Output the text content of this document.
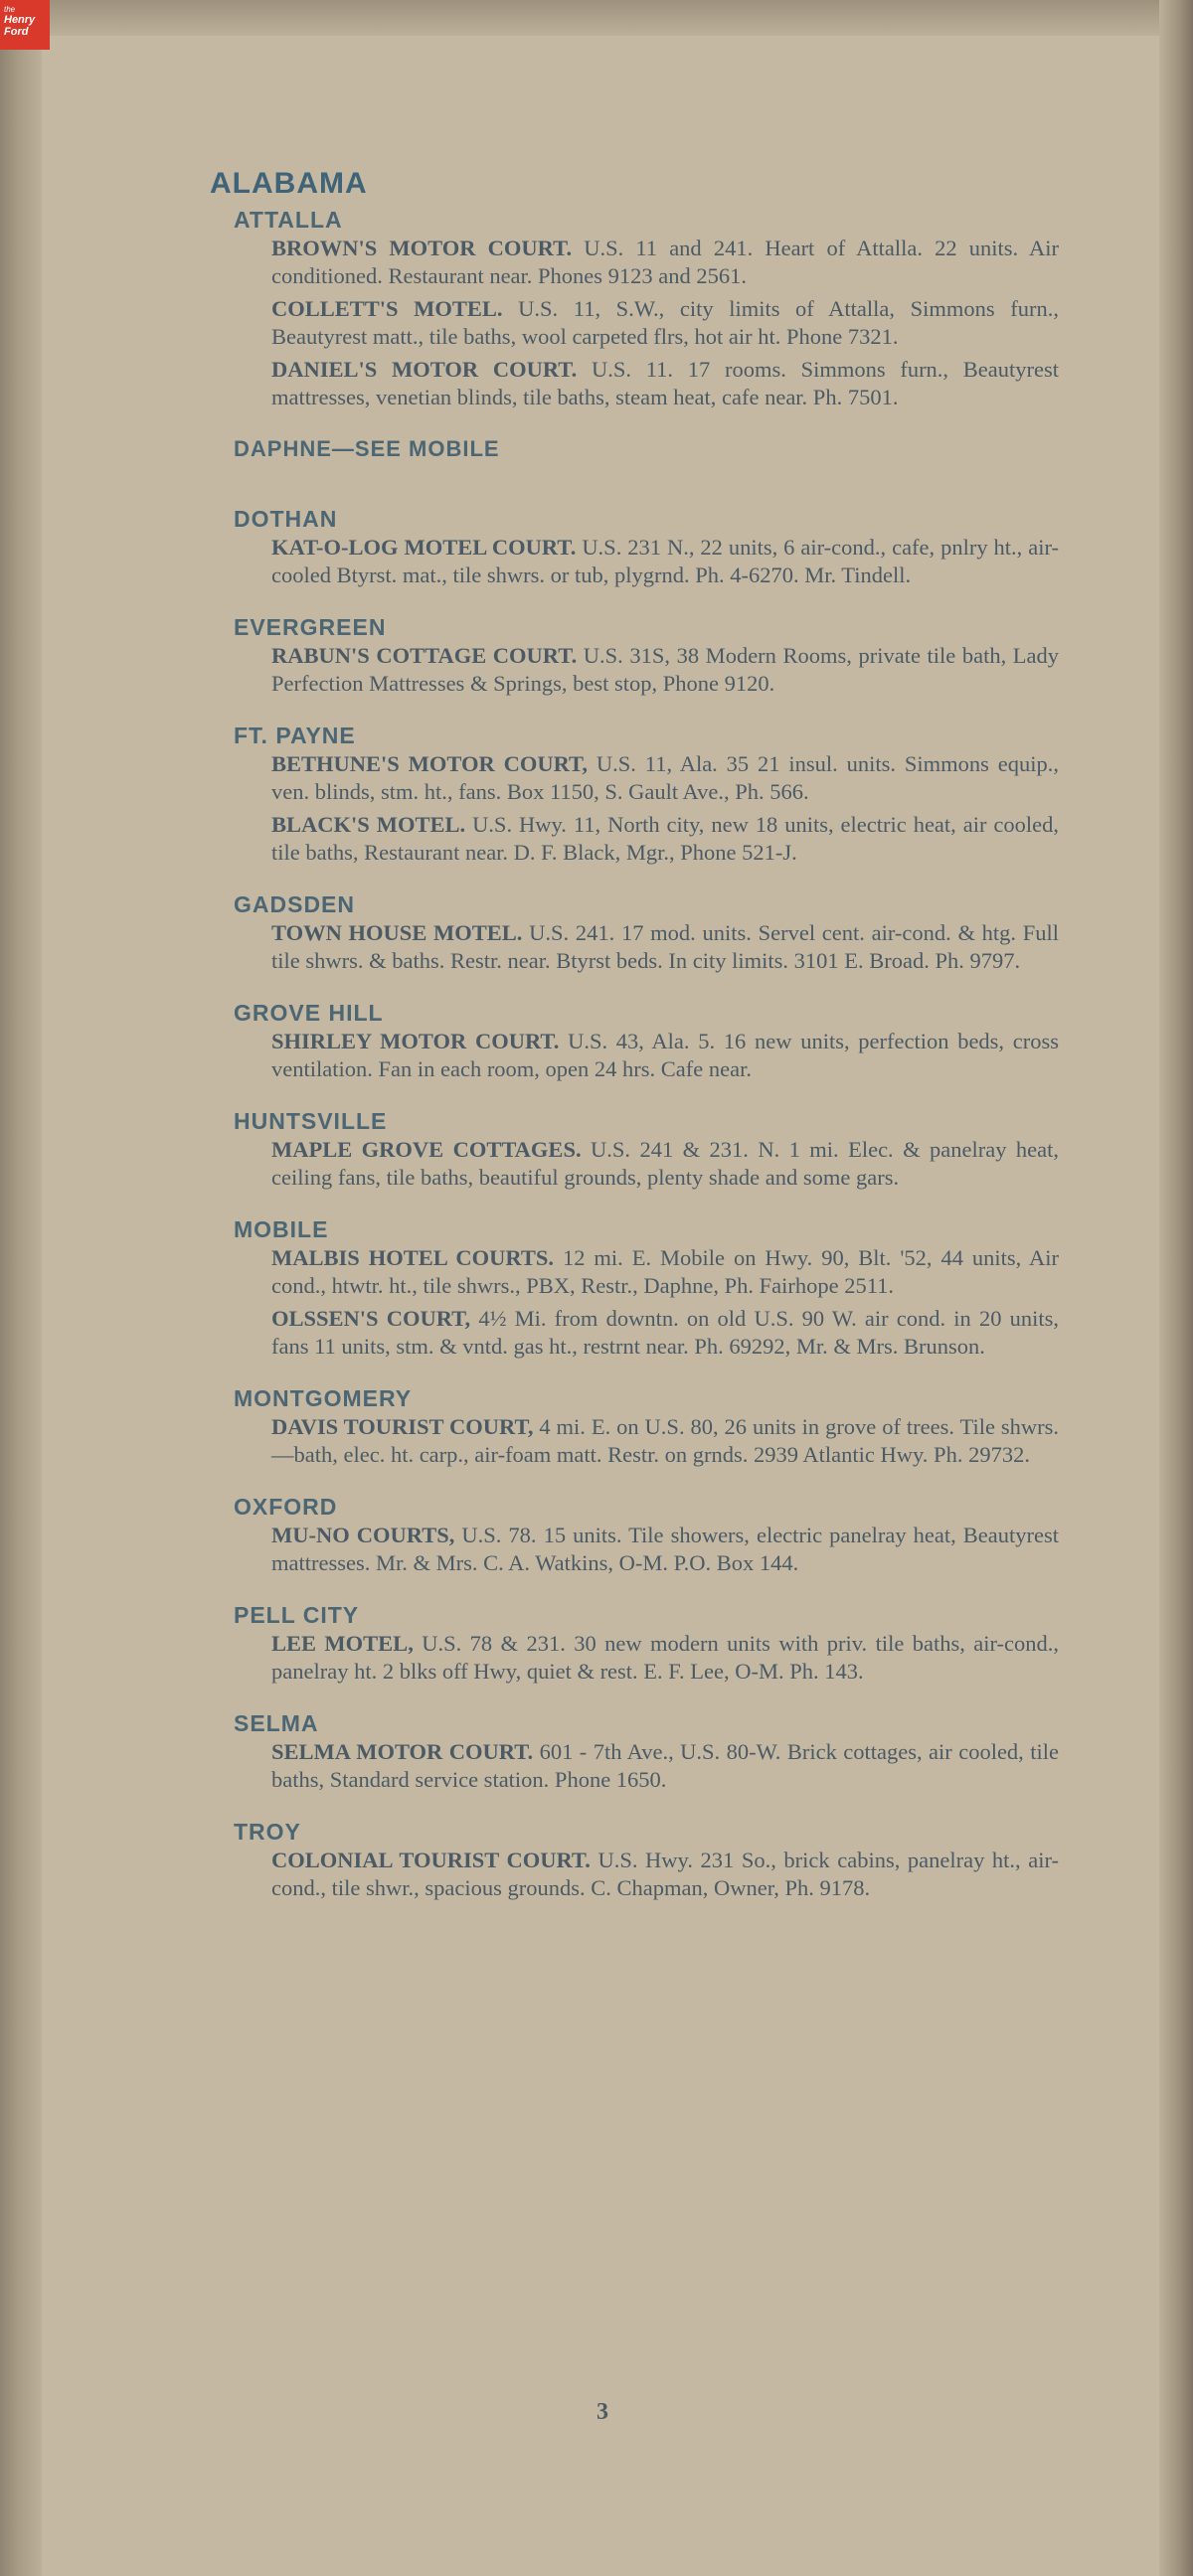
the
Henry
Ford
ALABAMA
ATTALLA
BROWN'S MOTOR COURT. U.S. 11 and 241. Heart of Attalla. 22 units. Air conditioned. Restaurant near. Phones 9123 and 2561.
COLLETT'S MOTEL. U.S. 11, S.W., city limits of Attalla, Simmons furn., Beautyrest matt., tile baths, wool carpeted flrs, hot air ht. Phone 7321.
DANIEL'S MOTOR COURT. U.S. 11. 17 rooms. Simmons furn., Beautyrest mattresses, venetian blinds, tile baths, steam heat, cafe near. Ph. 7501.
DAPHNE—SEE MOBILE
DOTHAN
KAT-O-LOG MOTEL COURT. U.S. 231 N., 22 units, 6 air-cond., cafe, pnlry ht., air-cooled Btyrst. mat., tile shwrs. or tub, plygrnd. Ph. 4-6270. Mr. Tindell.
EVERGREEN
RABUN'S COTTAGE COURT. U.S. 31S, 38 Modern Rooms, private tile bath, Lady Perfection Mattresses & Springs, best stop, Phone 9120.
FT. PAYNE
BETHUNE'S MOTOR COURT, U.S. 11, Ala. 35 21 insul. units. Simmons equip., ven. blinds, stm. ht., fans. Box 1150, S. Gault Ave., Ph. 566.
BLACK'S MOTEL. U.S. Hwy. 11, North city, new 18 units, electric heat, air cooled, tile baths, Restaurant near. D. F. Black, Mgr., Phone 521-J.
GADSDEN
TOWN HOUSE MOTEL. U.S. 241. 17 mod. units. Servel cent. air-cond. & htg. Full tile shwrs. & baths. Restr. near. Btyrst beds. In city limits. 3101 E. Broad. Ph. 9797.
GROVE HILL
SHIRLEY MOTOR COURT. U.S. 43, Ala. 5. 16 new units, perfection beds, cross ventilation. Fan in each room, open 24 hrs. Cafe near.
HUNTSVILLE
MAPLE GROVE COTTAGES. U.S. 241 & 231. N. 1 mi. Elec. & panelray heat, ceiling fans, tile baths, beautiful grounds, plenty shade and some gars.
MOBILE
MALBIS HOTEL COURTS. 12 mi. E. Mobile on Hwy. 90, Blt. '52, 44 units, Air cond., htwtr. ht., tile shwrs., PBX, Restr., Daphne, Ph. Fairhope 2511.
OLSSEN'S COURT, 4½ Mi. from downtn. on old U.S. 90 W. air cond. in 20 units, fans 11 units, stm. & vntd. gas ht., restrnt near. Ph. 69292, Mr. & Mrs. Brunson.
MONTGOMERY
DAVIS TOURIST COURT, 4 mi. E. on U.S. 80, 26 units in grove of trees. Tile shwrs.—bath, elec. ht. carp., air-foam matt. Restr. on grnds. 2939 Atlantic Hwy. Ph. 29732.
OXFORD
MU-NO COURTS, U.S. 78. 15 units. Tile showers, electric panelray heat, Beautyrest mattresses. Mr. & Mrs. C. A. Watkins, O-M. P.O. Box 144.
PELL CITY
LEE MOTEL, U.S. 78 & 231. 30 new modern units with priv. tile baths, air-cond., panelray ht. 2 blks off Hwy, quiet & rest. E. F. Lee, O-M. Ph. 143.
SELMA
SELMA MOTOR COURT. 601 - 7th Ave., U.S. 80-W. Brick cottages, air cooled, tile baths, Standard service station. Phone 1650.
TROY
COLONIAL TOURIST COURT. U.S. Hwy. 231 So., brick cabins, panelray ht., air-cond., tile shwr., spacious grounds. C. Chapman, Owner, Ph. 9178.
3
